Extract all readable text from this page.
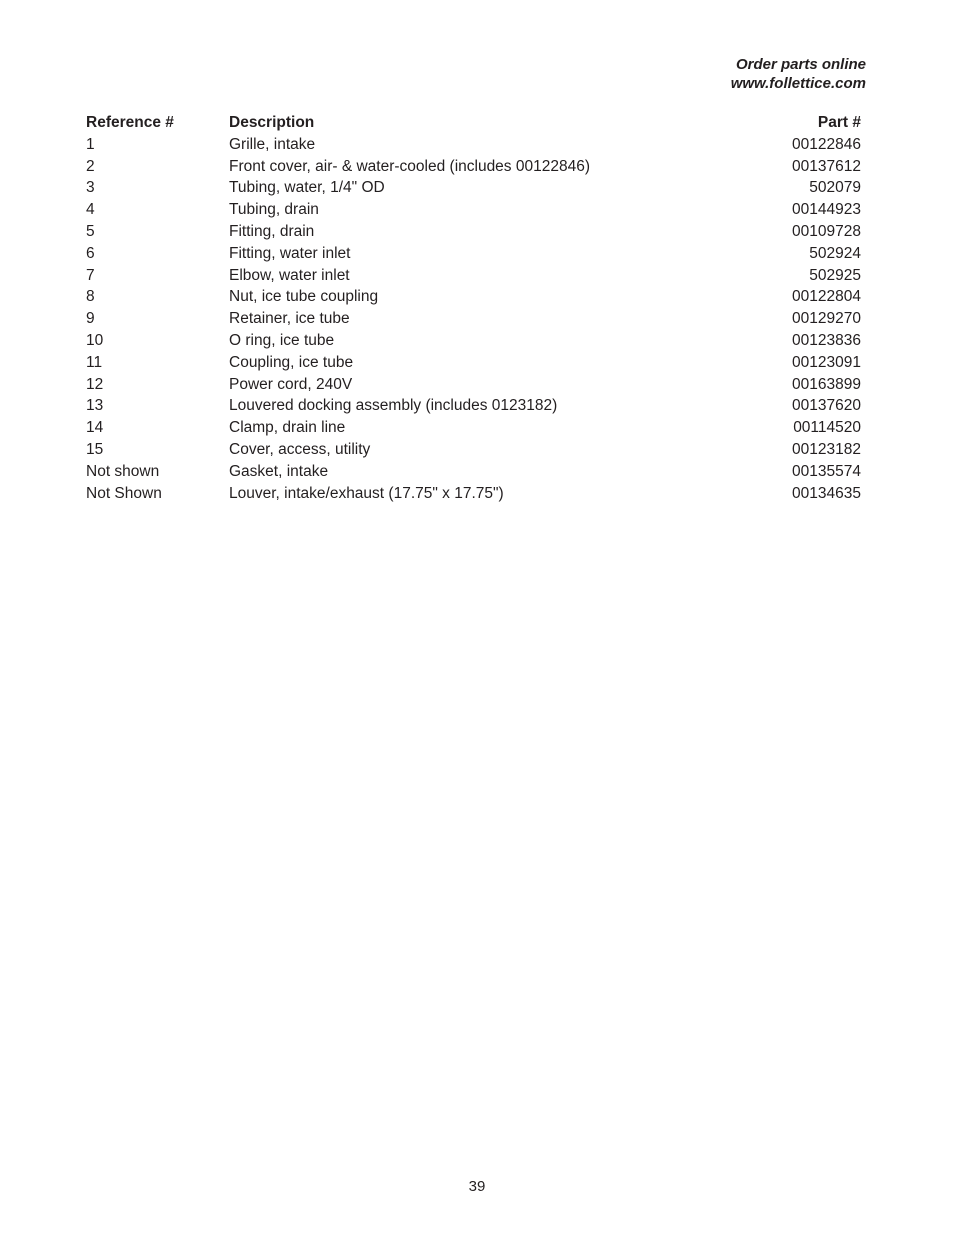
Order parts online
www.follettice.com
Reference #	Description	Part #
1	Grille, intake	00122846
2	Front cover, air- & water-cooled (includes 00122846)	00137612
3	Tubing, water, 1/4" OD	502079
4	Tubing, drain	00144923
5	Fitting, drain	00109728
6	Fitting, water inlet	502924
7	Elbow, water inlet	502925
8	Nut, ice tube coupling	00122804
9	Retainer, ice tube	00129270
10	O ring, ice tube	00123836
11	Coupling, ice tube	00123091
12	Power cord, 240V	00163899
13	Louvered docking assembly (includes 0123182)	00137620
14	Clamp, drain line	00114520
15	Cover, access, utility	00123182
Not shown	Gasket, intake	00135574
Not Shown	Louver, intake/exhaust (17.75" x 17.75")	00134635
39
